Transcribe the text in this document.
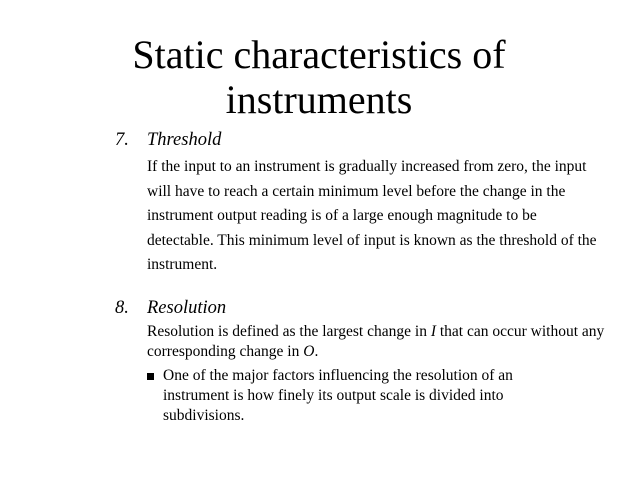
Static characteristics of
instruments
7. Threshold

If the input to an instrument is gradually increased from zero, the input will have to reach a certain minimum level before the change in the instrument output reading is of a large enough magnitude to be detectable. This minimum level of input is known as the threshold of the instrument.

8. Resolution

Resolution is defined as the largest change in I that can occur without any corresponding change in O.

One of the major factors influencing the resolution of an instrument is how finely its output scale is divided into subdivisions.
